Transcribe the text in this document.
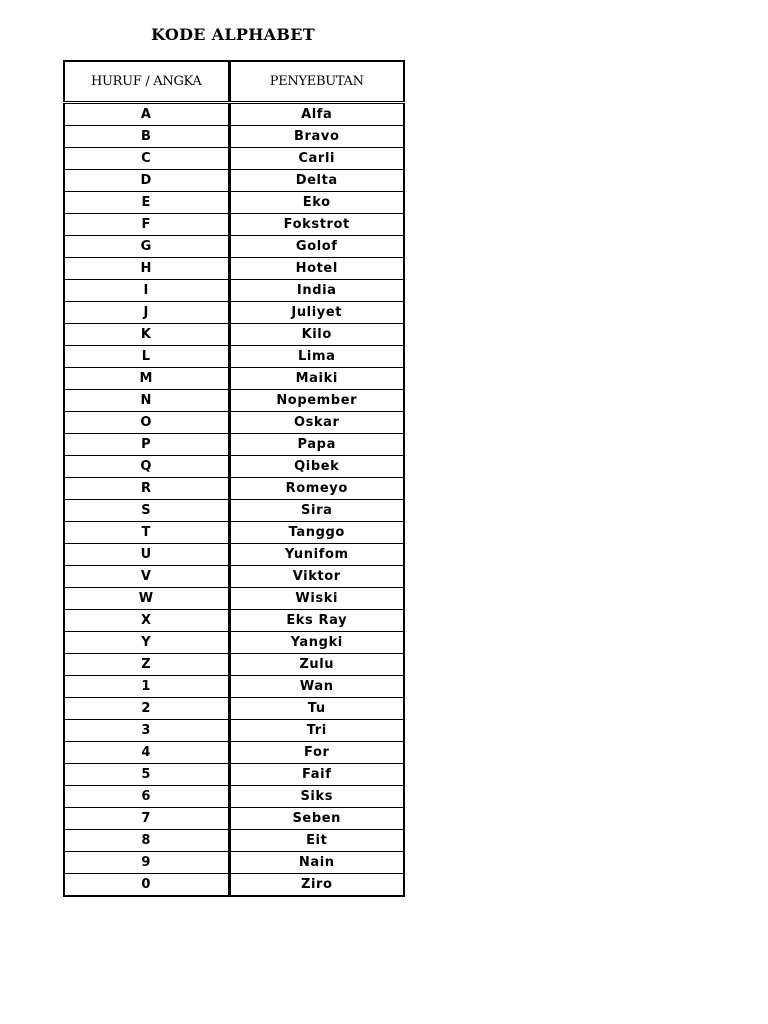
KODE ALPHABET
HURUF / ANGKA	PENYEBUTAN
A	Alfa
B	Bravo
C	Carli
D	Delta
E	Eko
F	Fokstrot
G	Golof
H	Hotel
I	India
J	Juliyet
K	Kilo
L	Lima
M	Maiki
N	Nopember
O	Oskar
P	Papa
Q	Qibek
R	Romeyo
S	Sira
T	Tanggo
U	Yunifom
V	Viktor
W	Wiski
X	Eks Ray
Y	Yangki
Z	Zulu
1	Wan
2	Tu
3	Tri
4	For
5	Faif
6	Siks
7	Seben
8	Eit
9	Nain
0	Ziro
